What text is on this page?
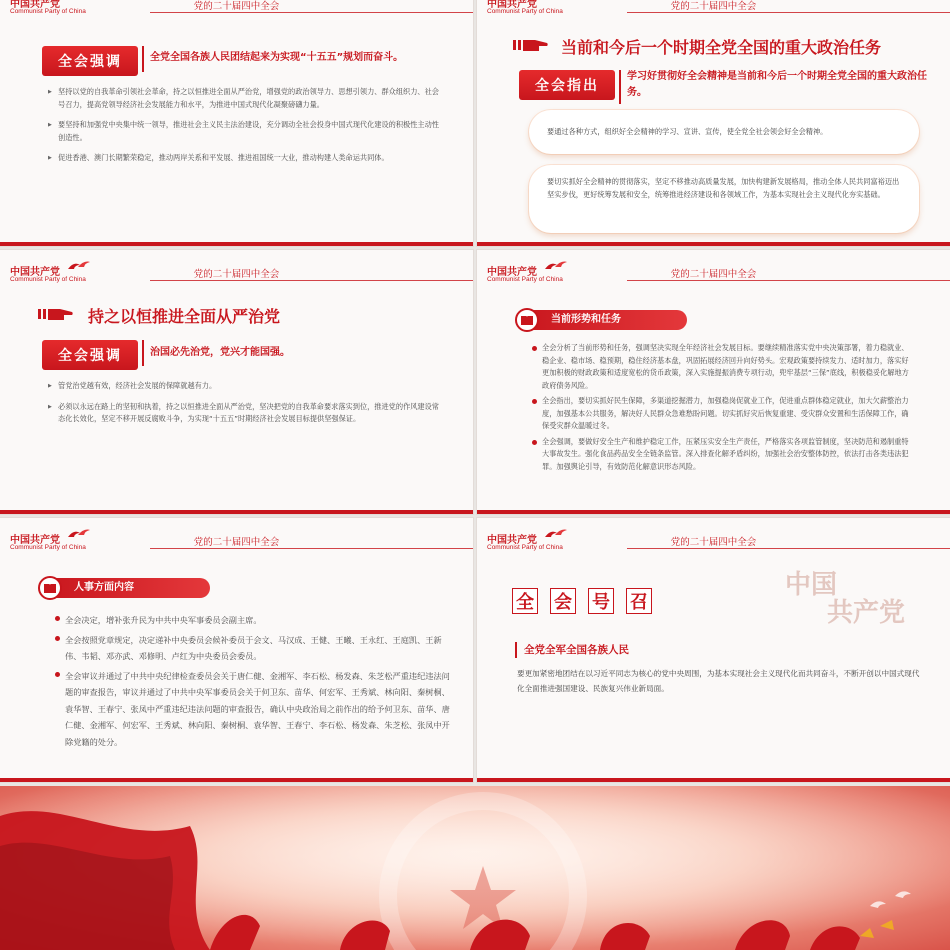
中国共产党
Communist Party of China	党的二十届四中全会
全会强调	全党全国各族人民团结起来为实现“十五五”规划而奋斗。
▶ 坚持以党的自我革命引领社会革命，持之以恒推进全面从严治党，增强党的政治领导力、思想引领力、群众组织力、社会号召力，提高党领导经济社会发展能力和水平，为推进中国式现代化凝聚磅礴力量。
▶ 要坚持和加强党中央集中统一领导，推进社会主义民主法治建设，充分调动全社会投身中国式现代化建设的积极性主动性创造性。
▶ 促进香港、澳门长期繁荣稳定，推动两岸关系和平发展、推进祖国统一大业，推动构建人类命运共同体。
中国共产党
Communist Party of China	党的二十届四中全会
当前和今后一个时期全党全国的重大政治任务
全会指出
学习好贯彻好全会精神是当前和今后一个时期全党全国的重大政治任务。
要通过各种方式，组织好全会精神的学习、宣讲、宣传，使全党全社会领会好全会精神。
要切实抓好全会精神的贯彻落实，坚定不移推动高质量发展，加快构建新发展格局，推动全体人民共同富裕迈出坚实步伐，更好统筹发展和安全，统筹推进经济建设和各领域工作，为基本实现社会主义现代化夯实基础。
中国共产党
Communist Party of China	党的二十届四中全会
持之以恒推进全面从严治党
全会强调	治国必先治党，党兴才能国强。
▶ 管党治党越有效，经济社会发展的保障就越有力。
▶ 必须以永远在路上的坚韧和执着，持之以恒推进全面从严治党，坚决把党的自我革命要求落实到位，推进党的作风建设常态化长效化，坚定不移开展反腐败斗争，为实现“十五五”时期经济社会发展目标提供坚强保证。
中国共产党
Communist Party of China	党的二十届四中全会
当前形势和任务
全会分析了当前形势和任务，强调坚决实现全年经济社会发展目标。要继续精准落实党中央决策部署，着力稳就业、稳企业、稳市场、稳预期，稳住经济基本盘，巩固拓展经济回升向好势头。宏观政策要持续发力、适时加力，落实好更加积极的财政政策和适度宽松的货币政策，深入实施提振消费专项行动，兜牢基层“三保”底线，积极稳妥化解地方政府债务风险。
全会指出，要切实抓好民生保障，多渠道挖掘潜力，加强稳岗促就业工作，促进重点群体稳定就业，加大欠薪整治力度，加强基本公共服务，解决好人民群众急难愁盼问题。切实抓好灾后恢复重建、受灾群众安置和生活保障工作，确保受灾群众温暖过冬。
全会强调，要做好安全生产和维护稳定工作，压紧压实安全生产责任，严格落实各项监管制度，坚决防范和遏制重特大事故发生。强化食品药品安全全链条监管。深入排查化解矛盾纠纷，加强社会治安整体防控，依法打击各类违法犯罪。加强舆论引导，有效防范化解意识形态风险。
中国共产党
Communist Party of China	党的二十届四中全会
人事方面内容
全会决定，增补张升民为中共中央军事委员会副主席。
全会按照党章规定，决定递补中央委员会候补委员于会文、马汉成、王健、王曦、王永红、王庭凯、王新伟、韦韬、邓亦武、邓修明、卢红为中央委员会委员。
全会审议并通过了中共中央纪律检查委员会关于唐仁健、金湘军、李石松、杨发森、朱芝松严重违纪违法问题的审查报告，审议并通过了中共中央军事委员会关于何卫东、苗华、何宏军、王秀斌、林向阳、秦树桐、袁华智、王春宁、张凤中严重违纪违法问题的审查报告，确认中央政治局之前作出的给予何卫东、苗华、唐仁健、金湘军、何宏军、王秀斌、林向阳、秦树桐、袁华智、王春宁、李石松、杨发森、朱芝松、张凤中开除党籍的处分。
中国共产党
Communist Party of China	党的二十届四中全会
中国
共产党
全 会 号 召
全党全军全国各族人民
要更加紧密地团结在以习近平同志为核心的党中央周围，为基本实现社会主义现代化而共同奋斗，不断开创以中国式现代化全面推进强国建设、民族复兴伟业新局面。
